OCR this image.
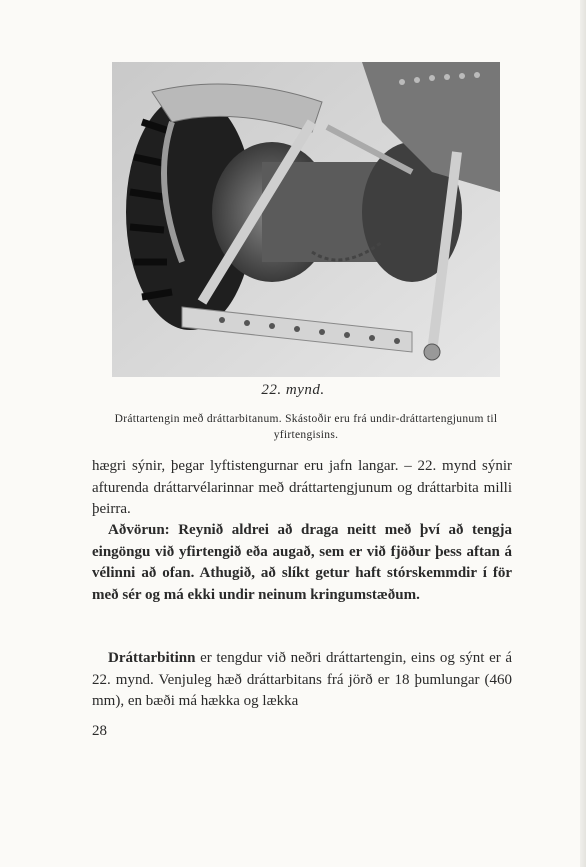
22. mynd.
Dráttartengin með dráttarbitanum. Skástoðir eru frá undir-dráttartengjunum til yfirtengisins.
hægri sýnir, þegar lyftistengurnar eru jafn langar. – 22. mynd sýnir afturenda dráttarvélarinnar með dráttartengjunum og dráttarbita milli þeirra.
Aðvörun: Reynið aldrei að draga neitt með því að tengja eingöngu við yfirtengið eða augað, sem er við fjöður þess aftan á vélinni að ofan. Athugið, að slíkt getur haft stórskemmdir í för með sér og má ekki undir neinum kringumstæðum.
Dráttarbitinn er tengdur við neðri dráttartengin, eins og sýnt er á 22. mynd. Venjuleg hæð dráttarbitans frá jörð er 18 þumlungar (460 mm), en bæði má hækka og lækka
28
